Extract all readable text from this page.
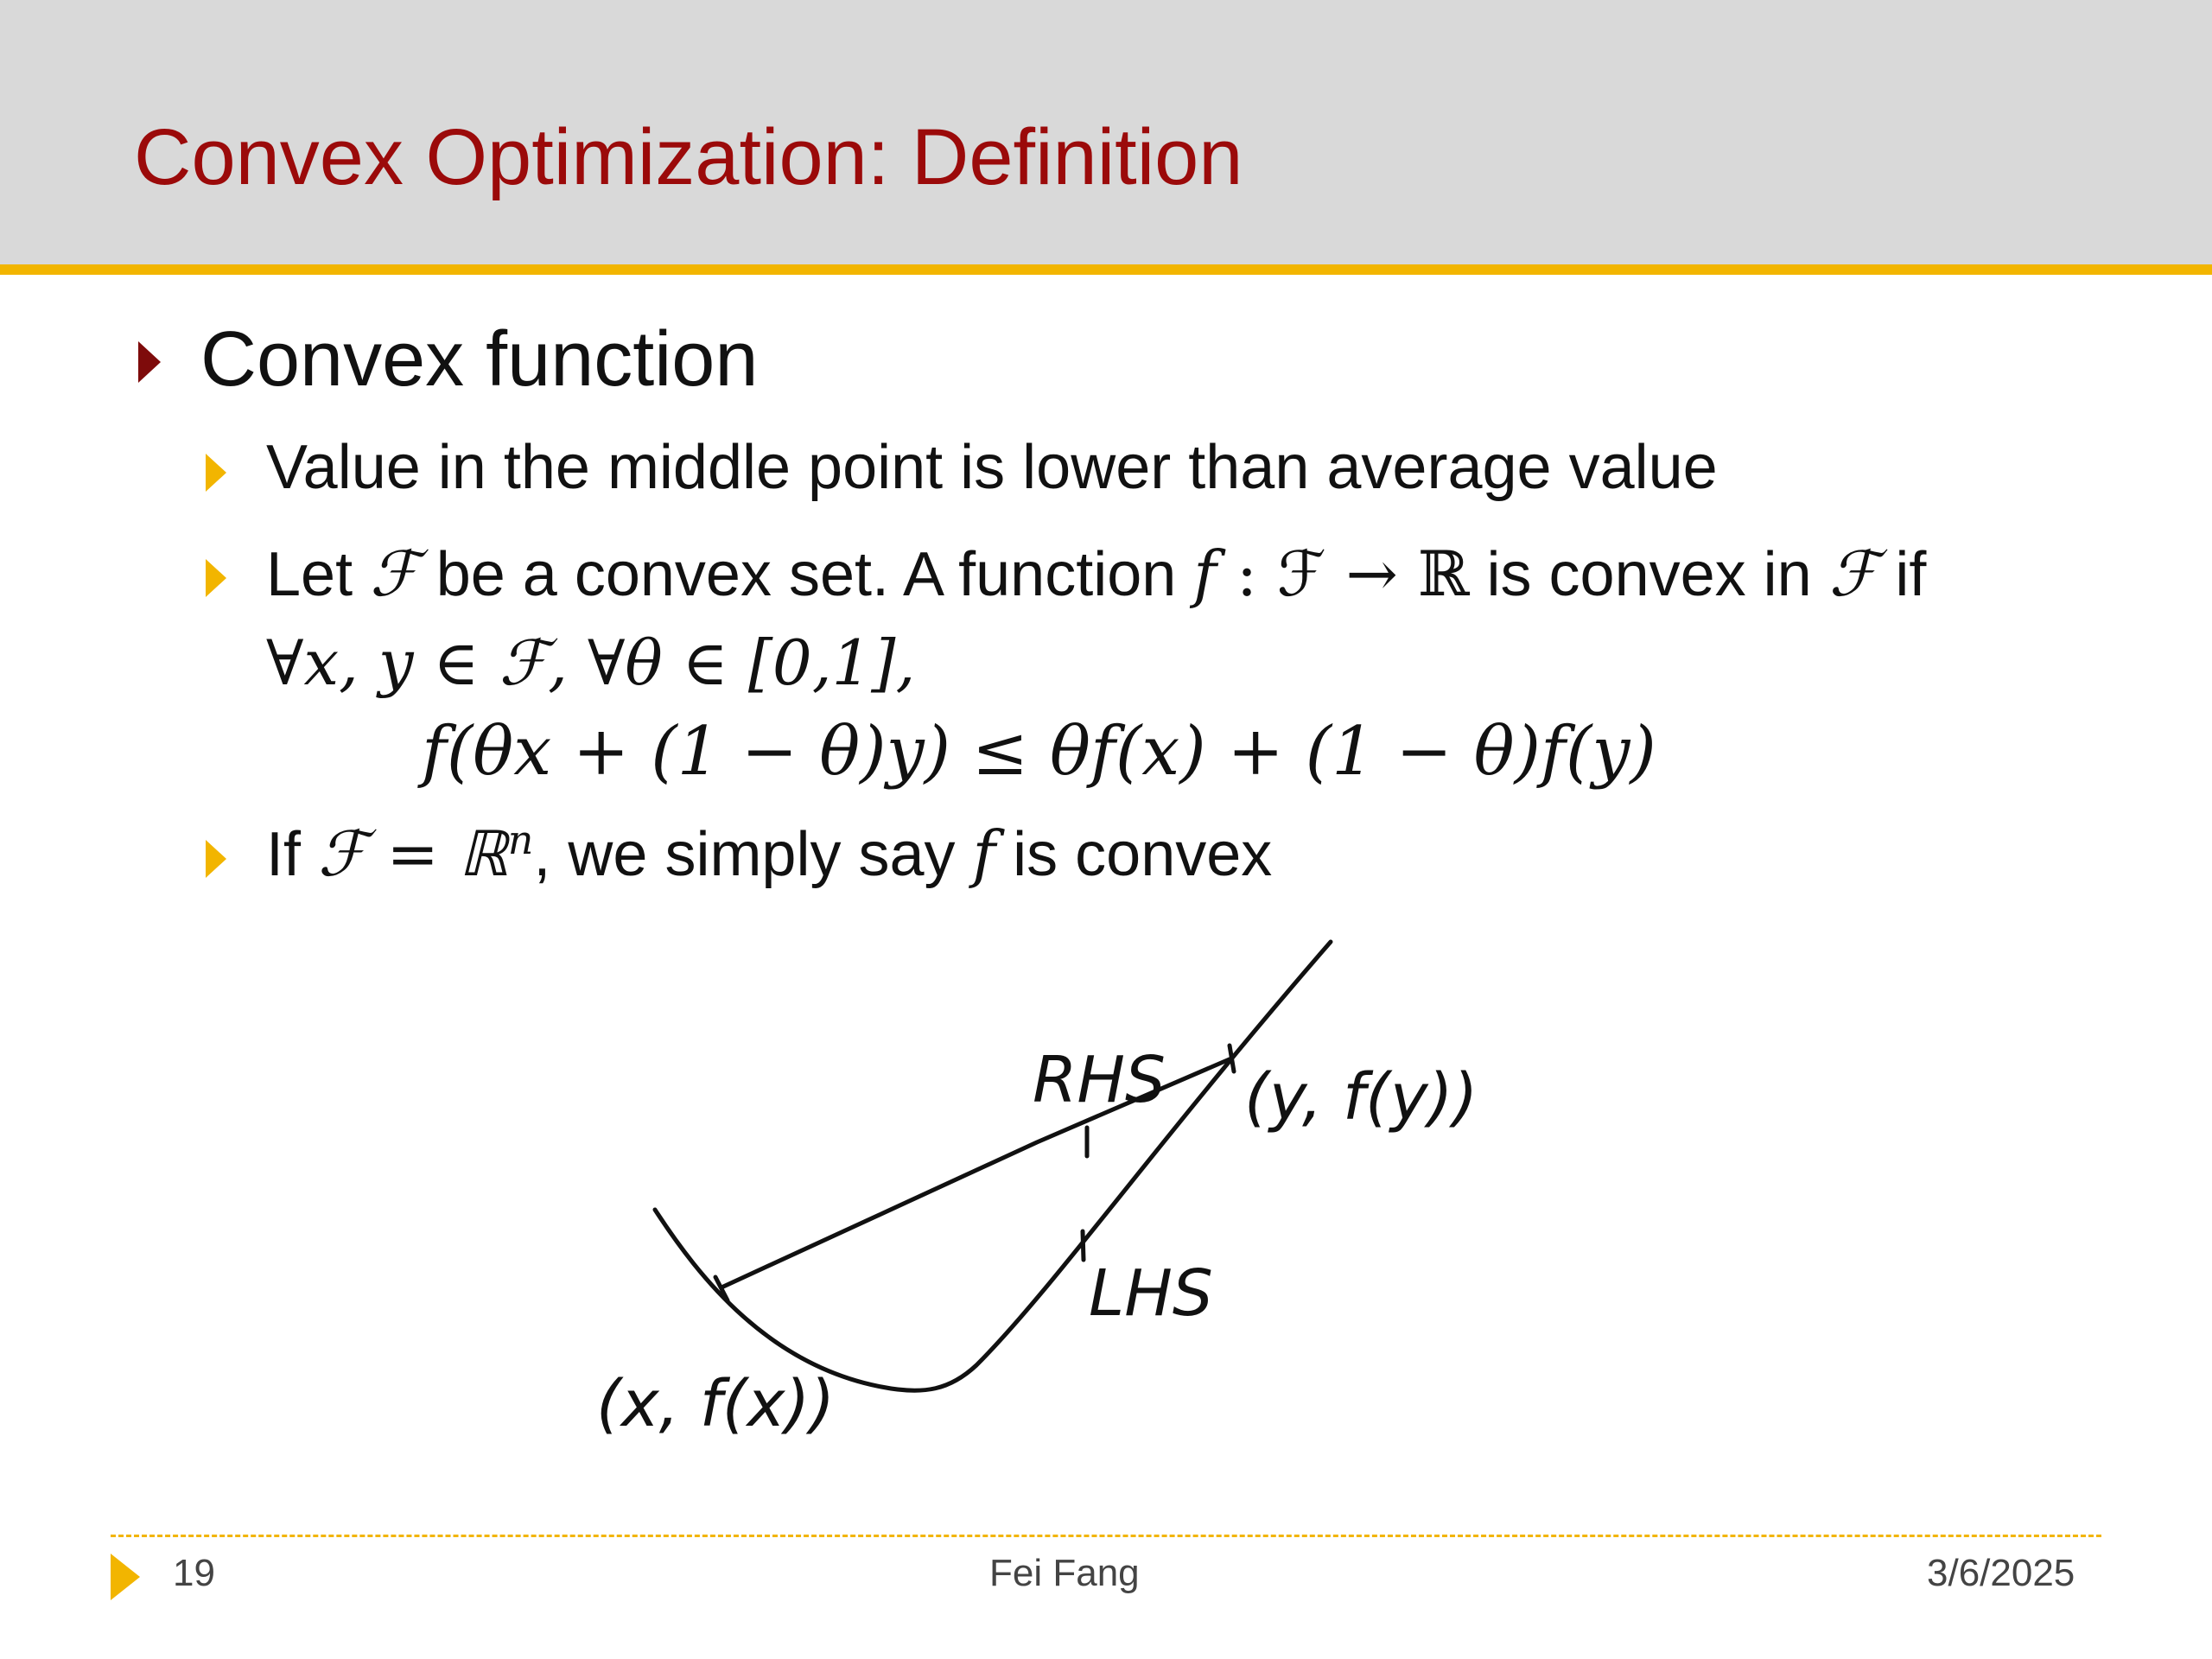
Convex Optimization: Definition
Convex function
Value in the middle point is lower than average value
Let ℱ be a convex set. A function f : ℱ → ℝ is convex in ℱ if
∀x, y ∈ ℱ, ∀θ ∈ [0,1],
f(θx + (1 − θ)y) ≤ θf(x) + (1 − θ)f(y)
If ℱ = ℝ$^n$, we simply say f is convex
RHS
LHS
(x, f(x))
(y, f(y))
19	Fei Fang	3/6/2025
